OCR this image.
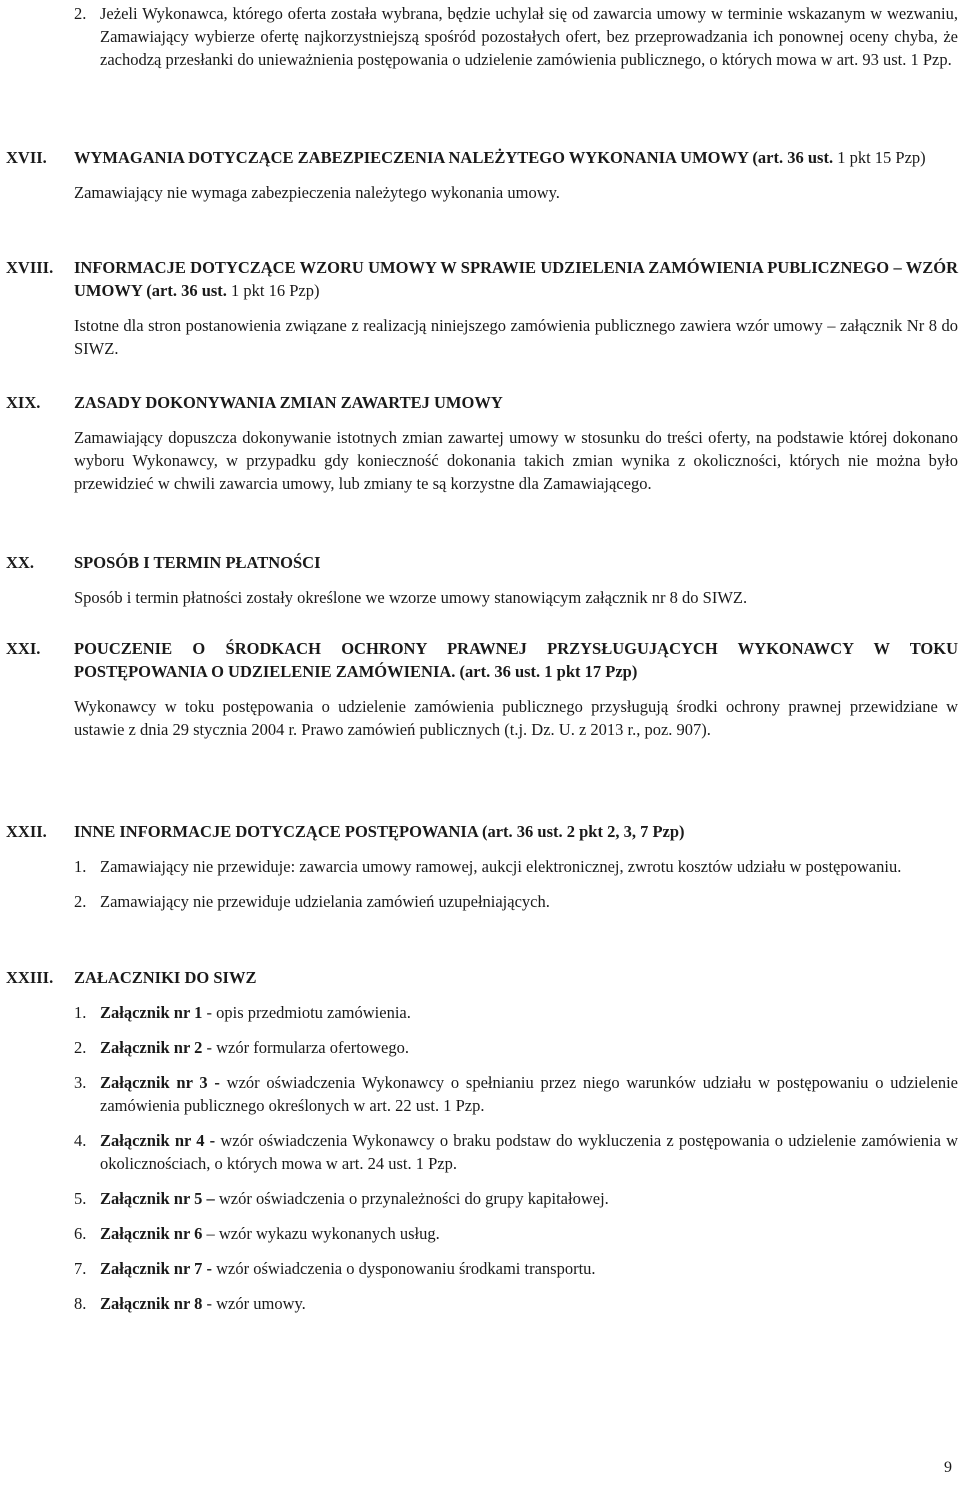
2. Jeżeli Wykonawca, którego oferta została wybrana, będzie uchylał się od zawarcia umowy w terminie wskazanym w wezwaniu, Zamawiający wybierze ofertę najkorzystniejszą spośród pozostałych ofert, bez przeprowadzania ich ponownej oceny chyba, że zachodzą przesłanki do unieważnienia postępowania o udzielenie zamówienia publicznego, o których mowa w art. 93 ust. 1 Pzp.
XVII. WYMAGANIA DOTYCZĄCE ZABEZPIECZENIA NALEŻYTEGO WYKONANIA UMOWY (art. 36 ust. 1 pkt 15 Pzp)
Zamawiający nie wymaga zabezpieczenia należytego wykonania umowy.
XVIII. INFORMACJE DOTYCZĄCE WZORU UMOWY W SPRAWIE UDZIELENIA ZAMÓWIENIA PUBLICZNEGO – WZÓR UMOWY (art. 36 ust. 1 pkt 16 Pzp)
Istotne dla stron postanowienia związane z realizacją niniejszego zamówienia publicznego zawiera wzór umowy – załącznik Nr 8 do SIWZ.
XIX. ZASADY DOKONYWANIA ZMIAN ZAWARTEJ UMOWY
Zamawiający dopuszcza dokonywanie istotnych zmian zawartej umowy w stosunku do treści oferty, na podstawie której dokonano wyboru Wykonawcy, w przypadku gdy konieczność dokonania takich zmian wynika z okoliczności, których nie można było przewidzieć w chwili zawarcia umowy, lub zmiany te są korzystne dla Zamawiającego.
XX. SPOSÓB I TERMIN PŁATNOŚCI
Sposób i termin płatności zostały określone we wzorze umowy stanowiącym załącznik nr 8 do SIWZ.
XXI. POUCZENIE O ŚRODKACH OCHRONY PRAWNEJ PRZYSŁUGUJĄCYCH WYKONAWCY W TOKU POSTĘPOWANIA O UDZIELENIE ZAMÓWIENIA. (art. 36 ust. 1 pkt 17 Pzp)
Wykonawcy w toku postępowania o udzielenie zamówienia publicznego przysługują środki ochrony prawnej przewidziane w ustawie z dnia 29 stycznia 2004 r. Prawo zamówień publicznych (t.j. Dz. U. z 2013 r., poz. 907).
XXII. INNE INFORMACJE DOTYCZĄCE POSTĘPOWANIA (art. 36 ust. 2 pkt 2, 3, 7 Pzp)
1. Zamawiający nie przewiduje: zawarcia umowy ramowej, aukcji elektronicznej, zwrotu kosztów udziału w postępowaniu.
2. Zamawiający nie przewiduje udzielania zamówień uzupełniających.
XXIII. ZAŁACZNIKI DO SIWZ
1. Załącznik nr 1 - opis przedmiotu zamówienia.
2. Załącznik nr 2 - wzór formularza ofertowego.
3. Załącznik nr 3 - wzór oświadczenia Wykonawcy o spełnianiu przez niego warunków udziału w postępowaniu o udzielenie zamówienia publicznego określonych w art. 22 ust. 1 Pzp.
4. Załącznik nr 4 - wzór oświadczenia Wykonawcy o braku podstaw do wykluczenia z postępowania o udzielenie zamówienia w okolicznościach, o których mowa w art. 24 ust. 1 Pzp.
5. Załącznik nr 5 – wzór oświadczenia o przynależności do grupy kapitałowej.
6. Załącznik nr 6 – wzór wykazu wykonanych usług.
7. Załącznik nr 7 - wzór oświadczenia o dysponowaniu środkami transportu.
8. Załącznik nr 8 - wzór umowy.
9
